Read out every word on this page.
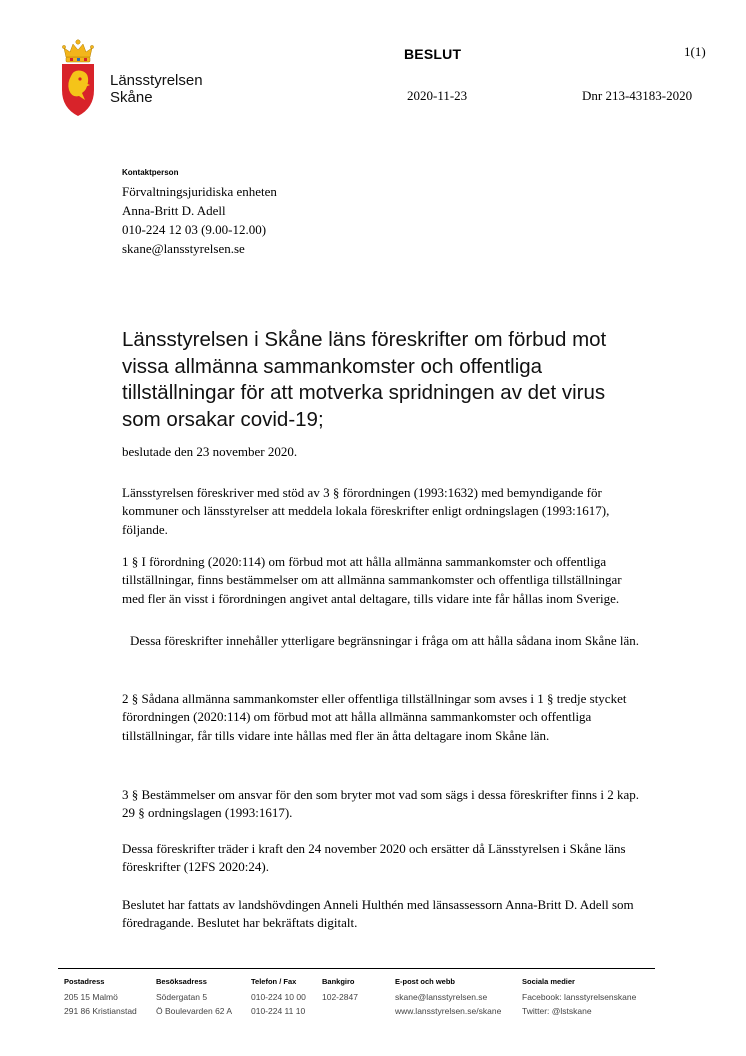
Länsstyrelsen
Skåne
BESLUT	1(1)
2020-11-23	Dnr 213-43183-2020
Kontaktperson
Förvaltningsjuridiska enheten
Anna-Britt D. Adell
010-224 12 03 (9.00-12.00)
skane@lansstyrelsen.se
Länsstyrelsen i Skåne läns föreskrifter om förbud mot vissa allmänna sammankomster och offentliga tillställningar för att motverka spridningen av det virus som orsakar covid-19;
beslutade den 23 november 2020.
Länsstyrelsen föreskriver med stöd av 3 § förordningen (1993:1632) med bemyndigande för kommuner och länsstyrelser att meddela lokala föreskrifter enligt ordningslagen (1993:1617), följande.
1 § I förordning (2020:114) om förbud mot att hålla allmänna sammankomster och offentliga tillställningar, finns bestämmelser om att allmänna sammankomster och offentliga tillställningar med fler än visst i förordningen angivet antal deltagare, tills vidare inte får hållas inom Sverige.
Dessa föreskrifter innehåller ytterligare begränsningar i fråga om att hålla sådana inom Skåne län.
2 § Sådana allmänna sammankomster eller offentliga tillställningar som avses i 1 § tredje stycket förordningen (2020:114) om förbud mot att hålla allmänna sammankomster och offentliga tillställningar, får tills vidare inte hållas med fler än åtta deltagare inom Skåne län.
3 § Bestämmelser om ansvar för den som bryter mot vad som sägs i dessa föreskrifter finns i 2 kap. 29 § ordningslagen (1993:1617).
Dessa föreskrifter träder i kraft den 24 november 2020 och ersätter då Länsstyrelsen i Skåne läns föreskrifter (12FS 2020:24).
Beslutet har fattats av landshövdingen Anneli Hulthén med länsassessorn Anna-Britt D. Adell som föredragande. Beslutet har bekräftats digitalt.
Postadress
205 15 Malmö
291 86 Kristianstad
Besöksadress
Södergatan 5
Ö Boulevarden 62 A
Telefon / Fax
010-224 10 00
010-224 11 10
Bankgiro
102-2847
E-post och webb
skane@lansstyrelsen.se
www.lansstyrelsen.se/skane
Sociala medier
Facebook: lansstyrelsenskane
Twitter: @lstskane
